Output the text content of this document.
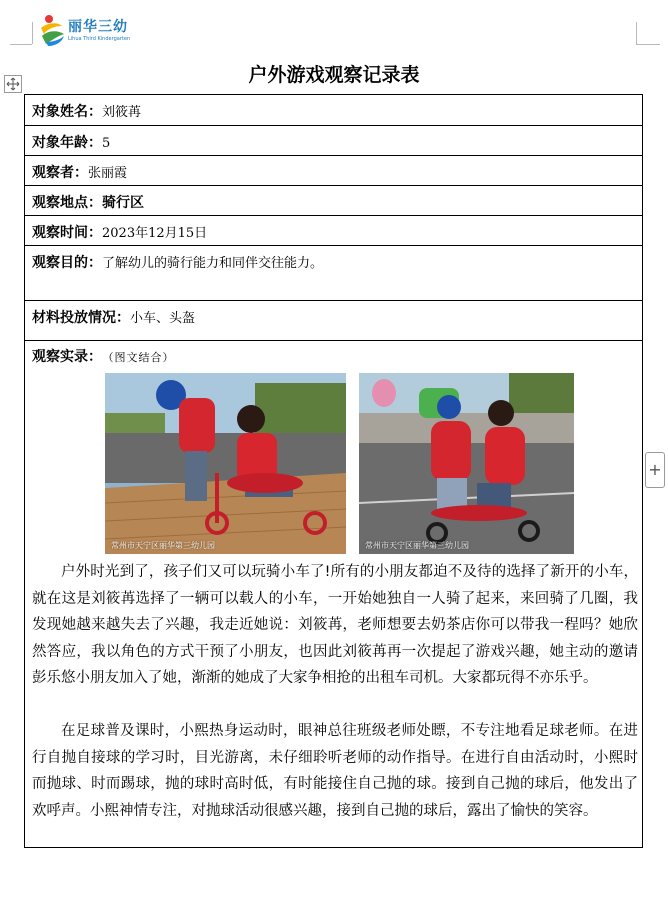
丽华三幼
Lihua Third Kindergarten
+
户外游戏观察记录表
对象姓名：刘筱苒
对象年龄：5
观察者：张丽霞
观察地点：骑行区
观察时间：2023年12月15日
观察目的：了解幼儿的骑行能力和同伴交往能力。
材料投放情况：小车、头盔
观察实录： （图文结合）
常州市天宁区丽华第三幼儿园	常州市天宁区丽华第三幼儿园

户外时光到了，孩子们又可以玩骑小车了!所有的小朋友都迫不及待的选择了新开的小车，就在这是刘筱苒选择了一辆可以载人的小车，一开始她独自一人骑了起来，来回骑了几圈，我发现她越来越失去了兴趣，我走近她说：刘筱苒，老师想要去奶茶店你可以带我一程吗？她欣然答应，我以角色的方式干预了小朋友，也因此刘筱苒再一次提起了游戏兴趣，她主动的邀请彭乐悠小朋友加入了她，渐渐的她成了大家争相抢的出租车司机。大家都玩得不亦乐乎。

在足球普及课时，小熙热身运动时，眼神总往班级老师处瞟，不专注地看足球老师。在进行自抛自接球的学习时，目光游离，未仔细聆听老师的动作指导。在进行自由活动时，小熙时而抛球、时而踢球，抛的球时高时低，有时能接住自己抛的球。接到自己抛的球后，他发出了欢呼声。小熙神情专注，对抛球活动很感兴趣，接到自己抛的球后，露出了愉快的笑容。
